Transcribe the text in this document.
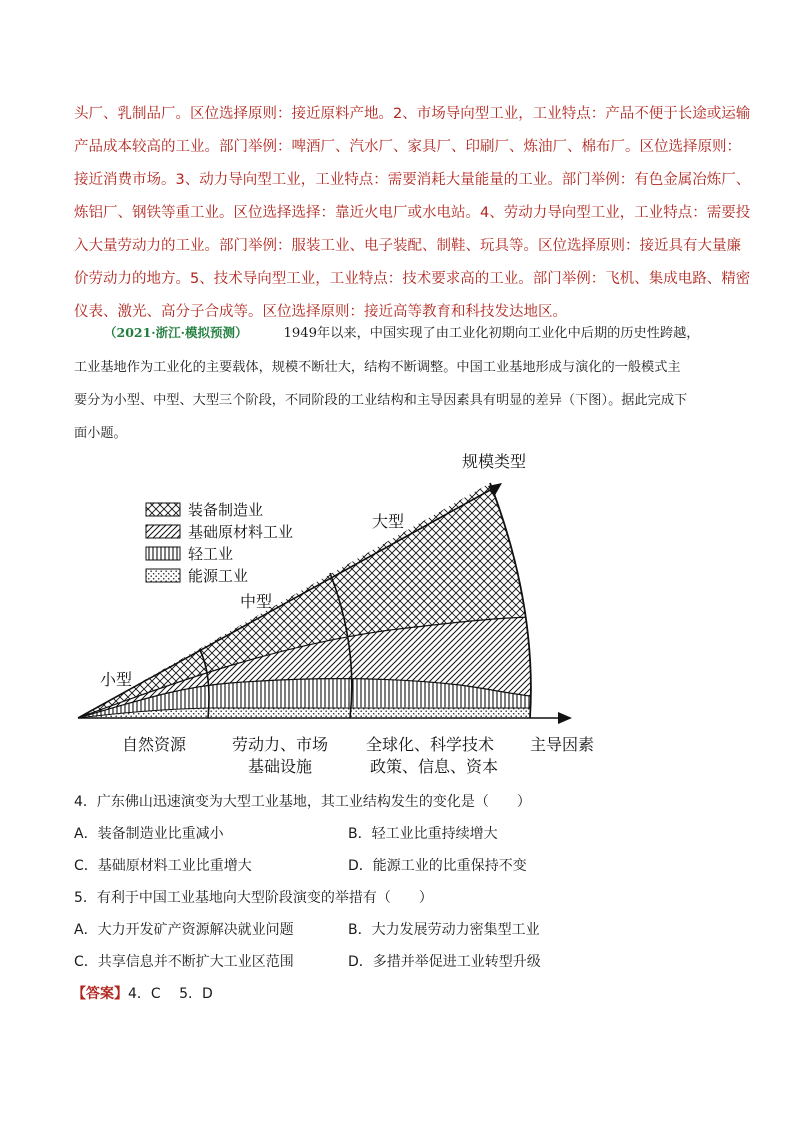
头厂、乳制品厂。区位选择原则：接近原料产地。2、市场导向型工业，工业特点：产品不便于长途或运输
产品成本较高的工业。部门举例：啤酒厂、汽水厂、家具厂、印刷厂、炼油厂、棉布厂。区位选择原则：
接近消费市场。3、动力导向型工业，工业特点：需要消耗大量能量的工业。部门举例：有色金属冶炼厂、
炼铝厂、钢铁等重工业。区位选择选择：靠近火电厂或水电站。4、劳动力导向型工业，工业特点：需要投
入大量劳动力的工业。部门举例：服装工业、电子装配、制鞋、玩具等。区位选择原则：接近具有大量廉
价劳动力的地方。5、技术导向型工业，工业特点：技术要求高的工业。部门举例：飞机、集成电路、精密
仪表、激光、高分子合成等。区位选择原则：接近高等教育和科技发达地区。
（2021·浙江·模拟预测）	1949年以来，中国实现了由工业化初期向工业化中后期的历史性跨越，
工业基地作为工业化的主要载体，规模不断壮大，结构不断调整。中国工业基地形成与演化的一般模式主
要分为小型、中型、大型三个阶段，不同阶段的工业结构和主导因素具有明显的差异（下图）。据此完成下
面小题。
装备制造业
基础原材料工业
轻工业
能源工业
规模类型
主导因素
小型
中型
大型
自然资源	劳动力、市场
基础设施
全球化、科学技术
政策、信息、资本
4．广东佛山迅速演变为大型工业基地，其工业结构发生的变化是（　　）
A．装备制造业比重减小	B．轻工业比重持续增大
C．基础原材料工业比重增大	D．能源工业的比重保持不变
5．有利于中国工业基地向大型阶段演变的举措有（　　）
A．大力开发矿产资源解决就业问题	B．大力发展劳动力密集型工业
C．共享信息并不断扩大工业区范围	D．多措并举促进工业转型升级
【答案】4．C　 5．D
